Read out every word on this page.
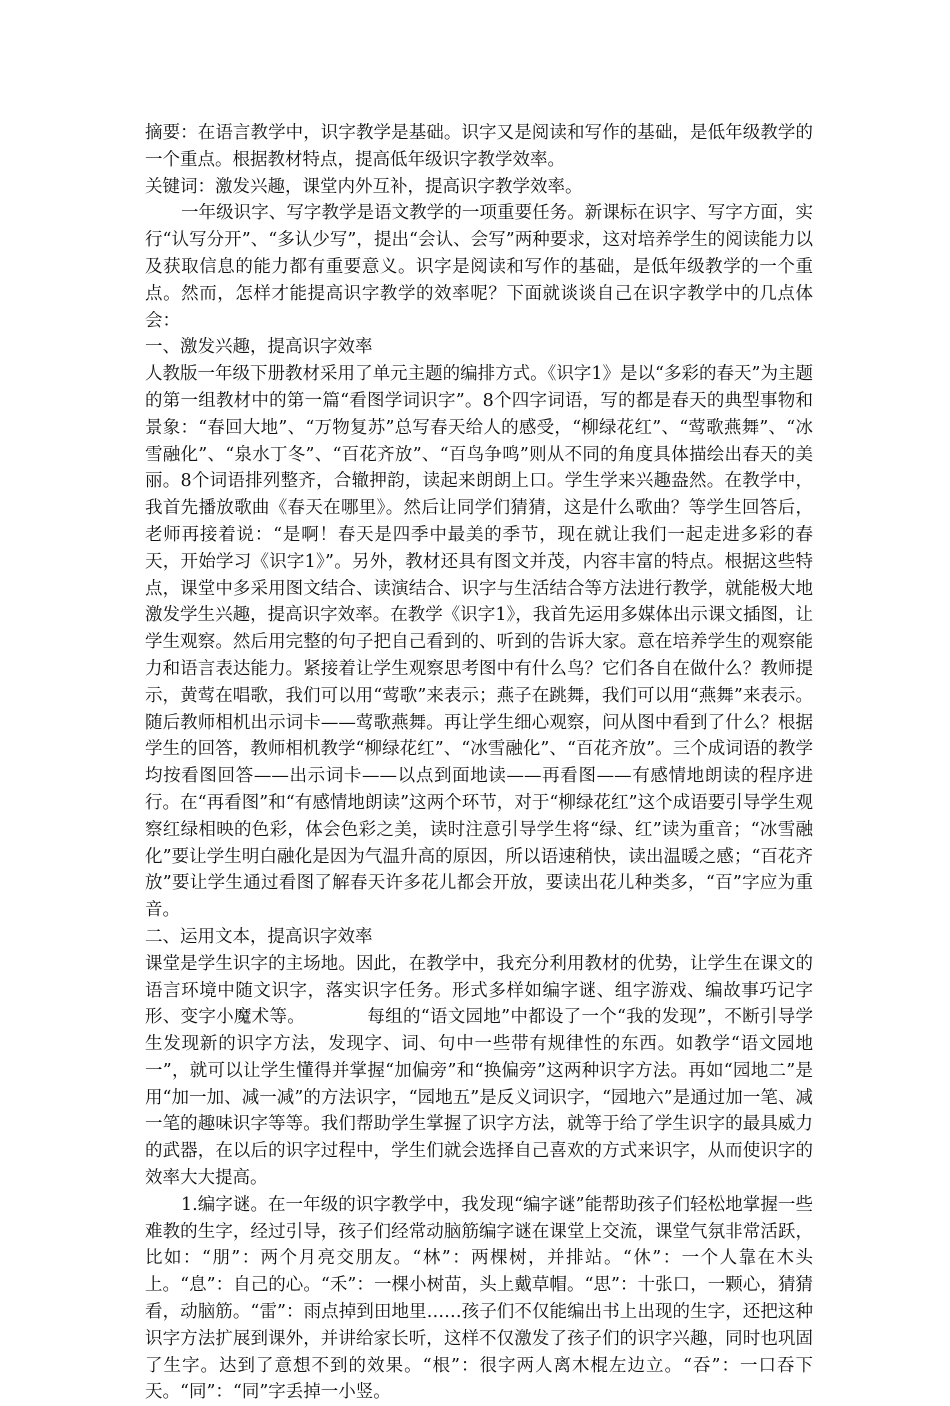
摘要：在语言教学中，识字教学是基础。识字又是阅读和写作的基础，是低年级教学的一个重点。根据教材特点，提高低年级识字教学效率。

关键词：激发兴趣，课堂内外互补，提高识字教学效率。

一年级识字、写字教学是语文教学的一项重要任务。新课标在识字、写字方面，实行“认写分开”、“多认少写”，提出“会认、会写”两种要求，这对培养学生的阅读能力以及获取信息的能力都有重要意义。识字是阅读和写作的基础，是低年级教学的一个重点。然而，怎样才能提高识字教学的效率呢？下面就谈谈自己在识字教学中的几点体会：

一、激发兴趣，提高识字效率

人教版一年级下册教材采用了单元主题的编排方式。《识字1》是以“多彩的春天”为主题的第一组教材中的第一篇“看图学词识字”。8个四字词语，写的都是春天的典型事物和景象：“春回大地”、“万物复苏”总写春天给人的感受，“柳绿花红”、“莺歌燕舞”、“冰雪融化”、“泉水丁冬”、“百花齐放”、“百鸟争鸣”则从不同的角度具体描绘出春天的美丽。8个词语排列整齐，合辙押韵，读起来朗朗上口。学生学来兴趣盎然。在教学中，我首先播放歌曲《春天在哪里》。然后让同学们猜猜，这是什么歌曲？等学生回答后，老师再接着说：“是啊！春天是四季中最美的季节，现在就让我们一起走进多彩的春天，开始学习《识字1》”。另外，教材还具有图文并茂，内容丰富的特点。根据这些特点，课堂中多采用图文结合、读演结合、识字与生活结合等方法进行教学，就能极大地激发学生兴趣，提高识字效率。在教学《识字1》，我首先运用多媒体出示课文插图，让学生观察。然后用完整的句子把自己看到的、听到的告诉大家。意在培养学生的观察能力和语言表达能力。紧接着让学生观察思考图中有什么鸟？它们各自在做什么？教师提示，黄莺在唱歌，我们可以用“莺歌”来表示；燕子在跳舞，我们可以用“燕舞”来表示。随后教师相机出示词卡——莺歌燕舞。再让学生细心观察，问从图中看到了什么？根据学生的回答，教师相机教学“柳绿花红”、“冰雪融化”、“百花齐放”。三个成词语的教学均按看图回答——出示词卡——以点到面地读——再看图——有感情地朗读的程序进行。在“再看图”和“有感情地朗读”这两个环节，对于“柳绿花红”这个成语要引导学生观察红绿相映的色彩，体会色彩之美，读时注意引导学生将“绿、红”读为重音；“冰雪融化”要让学生明白融化是因为气温升高的原因，所以语速稍快，读出温暖之感；“百花齐放”要让学生通过看图了解春天许多花儿都会开放，要读出花儿种类多，“百”字应为重音。

二、运用文本，提高识字效率

课堂是学生识字的主场地。因此，在教学中，我充分利用教材的优势，让学生在课文的语言环境中随文识字，落实识字任务。形式多样如编字谜、组字游戏、编故事巧记字形、变字小魔术等。　　　　每组的“语文园地”中都设了一个“我的发现”，不断引导学生发现新的识字方法，发现字、词、句中一些带有规律性的东西。如教学“语文园地一”，就可以让学生懂得并掌握“加偏旁”和“换偏旁”这两种识字方法。再如“园地二”是用“加一加、减一减”的方法识字，“园地五”是反义词识字，“园地六”是通过加一笔、减一笔的趣味识字等等。我们帮助学生掌握了识字方法，就等于给了学生识字的最具威力的武器，在以后的识字过程中，学生们就会选择自己喜欢的方式来识字，从而使识字的效率大大提高。

1.编字谜。在一年级的识字教学中，我发现“编字谜”能帮助孩子们轻松地掌握一些难教的生字，经过引导，孩子们经常动脑筋编字谜在课堂上交流，课堂气氛非常活跃，比如：“朋”：两个月亮交朋友。“林”：两棵树，并排站。“休”：一个人靠在木头上。“息”：自己的心。“禾”：一棵小树苗，头上戴草帽。“思”：十张口，一颗心，猜猜看，动脑筋。“雷”：雨点掉到田地里……孩子们不仅能编出书上出现的生字，还把这种识字方法扩展到课外，并讲给家长听，这样不仅激发了孩子们的识字兴趣，同时也巩固了生字。达到了意想不到的效果。“根”：很字两人离木棍左边立。“吞”：一口吞下天。“同”：“同”字丢掉一小竖。
